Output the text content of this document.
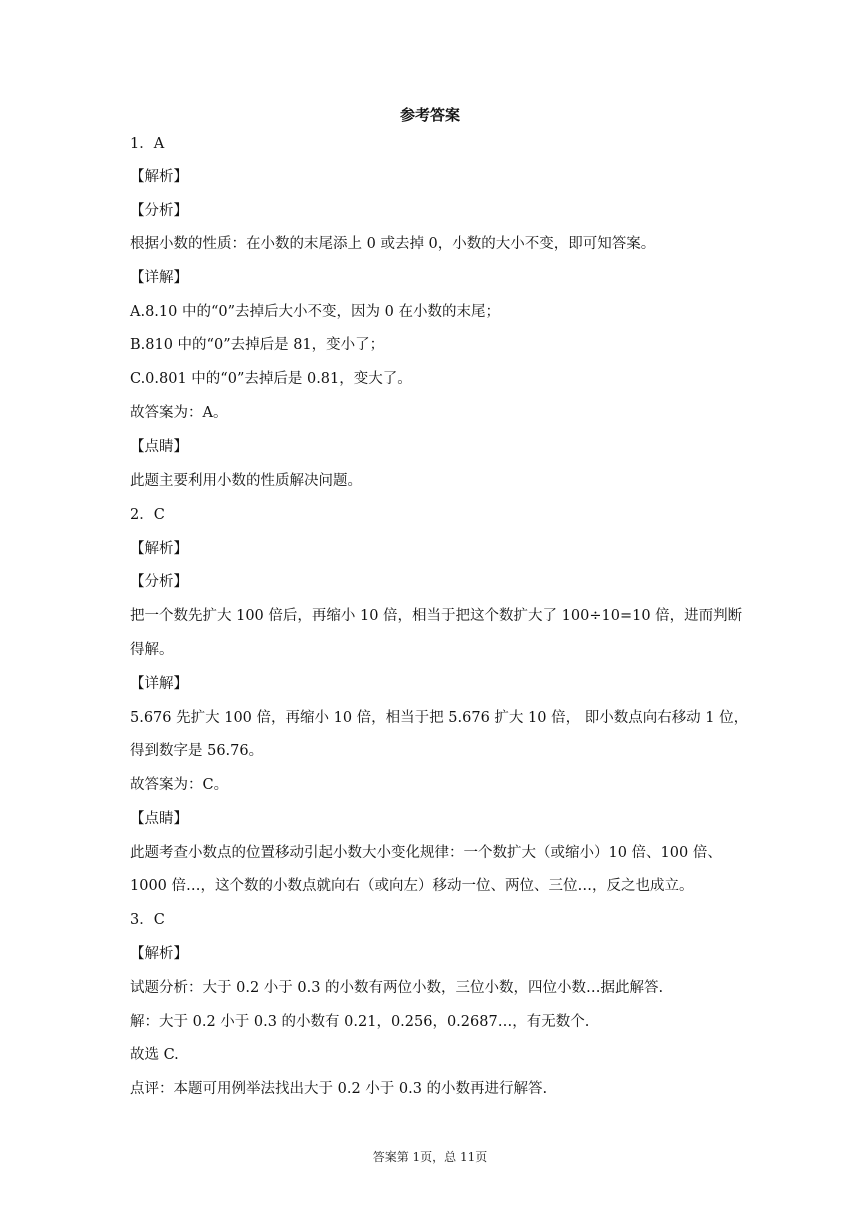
参考答案
1．A
【解析】
【分析】
根据小数的性质：在小数的末尾添上 0 或去掉 0，小数的大小不变，即可知答案。
【详解】
A.8.10 中的“0”去掉后大小不变，因为 0 在小数的末尾；
B.810 中的“0”去掉后是 81，变小了；
C.0.801 中的“0”去掉后是 0.81，变大了。
故答案为：A。
【点睛】
此题主要利用小数的性质解决问题。
2．C
【解析】
【分析】
把一个数先扩大 100 倍后，再缩小 10 倍，相当于把这个数扩大了 100÷10=10 倍，进而判断
得解。
【详解】
5.676 先扩大 100 倍，再缩小 10 倍，相当于把 5.676 扩大 10 倍， 即小数点向右移动 1 位，
得到数字是 56.76。
故答案为：C。
【点睛】
此题考查小数点的位置移动引起小数大小变化规律：一个数扩大（或缩小）10 倍、100 倍、
1000 倍…，这个数的小数点就向右（或向左）移动一位、两位、三位…，反之也成立。
3．C
【解析】
试题分析：大于 0.2 小于 0.3 的小数有两位小数，三位小数，四位小数…据此解答.
解：大于 0.2 小于 0.3 的小数有 0.21，0.256，0.2687…，有无数个.
故选 C.
点评：本题可用例举法找出大于 0.2 小于 0.3 的小数再进行解答.
答案第 1页，总 11页
